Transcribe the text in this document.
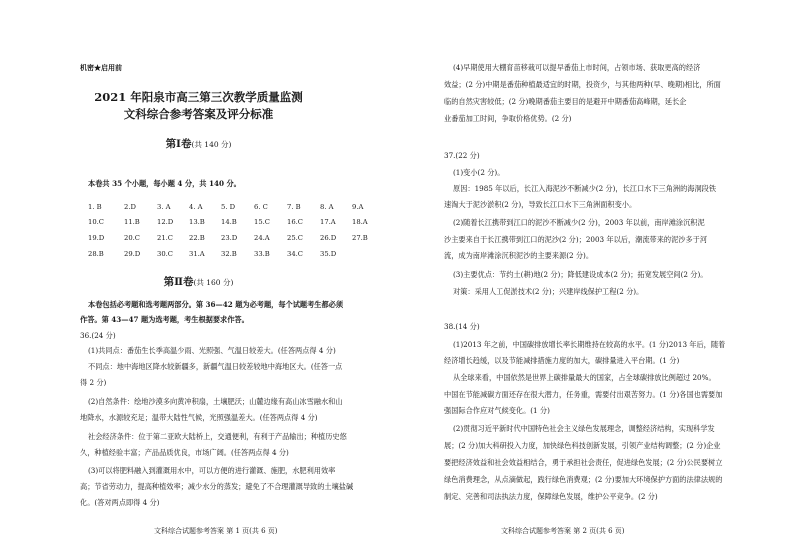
机密★启用前
2021 年阳泉市高三第三次教学质量监测
文科综合参考答案及评分标准
第Ⅰ卷(共 140 分)
本卷共 35 个小题，每小题 4 分，共 140 分。
1. B	2.D	3. A	4. A	5. D	6. C	7. B	8. A	9.A
10.C	11.B	12.D 13.B 14.B	15.C 16.C 17.A 18.A
19.D	20.C 21.C 22.B 23.D 24.A	25.C 26.D 27.B
28.B	29.D 30.C 31.A 32.B	33.B	34.C 35.D
第Ⅱ卷(共 160 分)
本卷包括必考题和选考题两部分。第 36—42 题为必考题，每个试题考生都必须
作答。第 43—47 题为选考题，考生根据要求作答。
36.(24 分)
(1)共同点：番茄生长季高温少雨、光照强、气温日较差大。(任答两点得 4 分)
不同点：地中海地区降水较新疆多，新疆气温日较差较地中海地区大。(任答一点
得 2 分)
(2)自然条件：绘地沙漠多向黄冲积扇，土壤肥沃；山麓边缘有高山冰雪融水和山
地降水，水源较充足；温带大陆性气候，光照强温差大。(任答两点得 4 分)
社会经济条件：位于第二亚欧大陆桥上，交通便利，有利于产品输出；种植历史悠
久，种植经验丰富；产品品质优良，市场广阔。(任答两点得 4 分)
(3)可以将肥料融入到灌溉用水中，可以方便的进行灌溉、施肥，水肥利用效率
高；节省劳动力，提高种植效率；减少水分的蒸发；避免了不合理灌溉导致的土壤盐碱
化。(答对两点即得 4 分)
文科综合试题参考答案 第 1 页(共 6 页)
(4)早期使用大棚育苗移栽可以提早番茄上市时间，占领市场、获取更高的经济
效益；(2 分)中期是番茄种植最适宜的时期，投资少，与其他两种(早、晚期)相比，所面
临的自然灾害较低；(2 分)晚期番茄主要目的是避开中期番茄高峰期，延长企
业番茄加工时间，争取价格优势。(2 分)
37.(22 分)
(1)变小(2 分)。
原因：1985 年以后，长江入海泥沙不断减少(2 分)，长江口水下三角洲的海洞段铁
速淘大于泥沙淤积(2 分)，导致长江口水下三角洲面积变小。
(2)随着长江携带到江口的泥沙不断减少(2 分)，2003 年以前，南岸滩涂沉积泥
沙主要来自于长江携带到江口的泥沙(2 分)；2003 年以后，潮流带来的泥沙多于河
流，成为南岸滩涂沉积泥沙的主要来源(2 分)。
(3)主要优点：节约土(耕)地(2 分)；降低建设成本(2 分)；拓宽发展空间(2 分)。
对策：采用人工促淤技术(2 分)；兴建岸线保护工程(2 分)。
38.(14 分)
(1)2013 年之前，中国碳排放增长率长期维持在较高的水平。(1 分)2013 年后，随着
经济增长趋缓，以及节能减排措施力度的加大，碳排量进入平台期。(1 分)
从全球来看，中国依然是世界上碳排量最大的国家，占全球碳排放比例超过 20%。
中国在节能减碳方面还存在很大潜力，任务重，需要付出艰苦努力。(1 分)各国也需要加
强国际合作应对气候变化。(1 分)
(2)贯彻习近平新时代中国特色社会主义绿色发展理念，调整经济结构，实现科学发
展；(2 分)加大科研投入力度，加快绿色科技创新发展，引领产业结构调整；(2 分)企业
要把经济效益和社会效益相结合，勇于承担社会责任，促进绿色发展；(2 分)公民要树立
绿色消费理念，从点滴做起，践行绿色消费观；(2 分)要加大环境保护方面的法律法规的
制定、完善和司法执法力度，保障绿色发展，维护公平竞争。(2 分)
文科综合试题参考答案 第 2 页(共 6 页)
